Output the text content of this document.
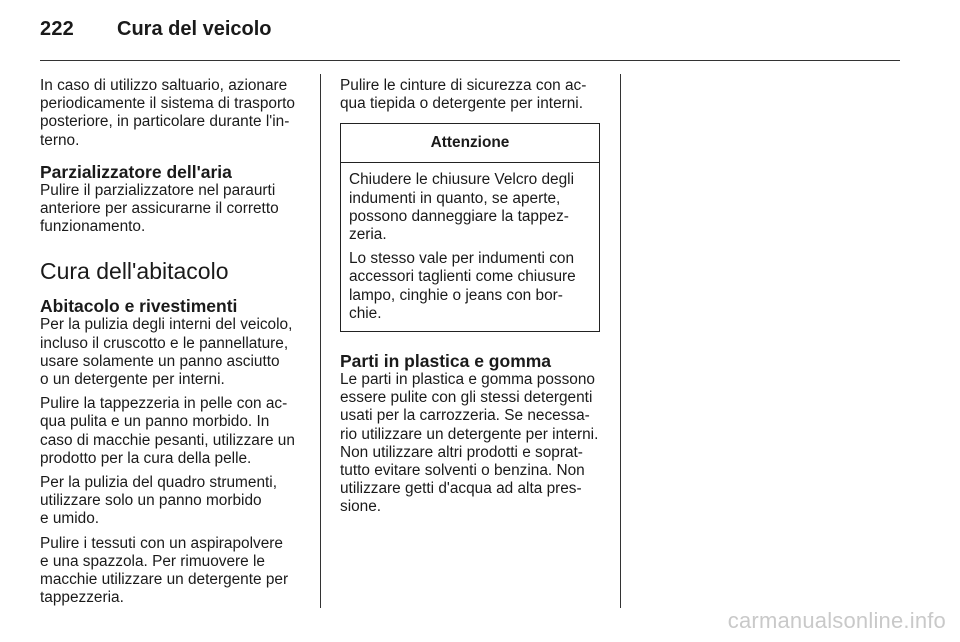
222 Cura del veicolo

In caso di utilizzo saltuario, azionare
periodicamente il sistema di trasporto
posteriore, in particolare durante l'in-
terno.

Parzializzatore dell'aria

Pulire il parzializzatore nel paraurti
anteriore per assicurarne il corretto
funzionamento.

Cura dell'abitacolo
Abitacolo e rivestimenti

Per la pulizia degli interni del veicolo,
incluso il cruscotto e le pannellature,
usare solamente un panno asciutto
o un detergente per interni.

Pulire la tappezzeria in pelle con ac-
qua pulita e un panno morbido. In
caso di macchie pesanti, utilizzare un
prodotto per la cura della pelle.

Per la pulizia del quadro strumenti,
utilizzare solo un panno morbido
e umido.

Pulire i tessuti con un aspirapolvere
e una spazzola. Per rimuovere le
macchie utilizzare un detergente per
tappezzeria.

Pulire le cinture di sicurezza con ac-
qua tiepida o detergente per interni.

Attenzione

Chiudere le chiusure Velcro degli
indumenti in quanto, se aperte,
possono danneggiare la tappez-
zeria.

Lo stesso vale per indumenti con
accessori taglienti come chiusure
lampo, cinghie o jeans con bor-
chie.

Parti in plastica e gomma

Le parti in plastica e gomma possono
essere pulite con gli stessi detergenti
usati per la carrozzeria. Se necessa-
rio utilizzare un detergente per interni.
Non utilizzare altri prodotti e soprat-
tutto evitare solventi o benzina. Non
utilizzare getti d'acqua ad alta pres-
sione.

carmanualsonline.info
